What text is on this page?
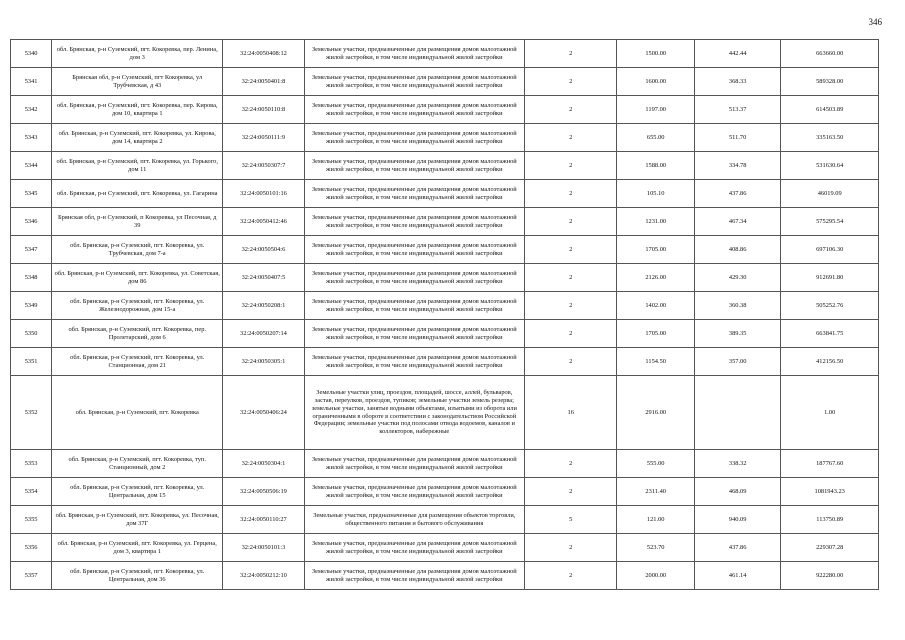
346
5340	обл. Брянская, р-н Суземский, пгт. Кокоревка, пер. Ленина, дом 3	32:24:0050408:12	Земельные участки, предназначенные для размещения домов малоэтажной жилой застройки, в том числе индивидуальной жилой застройки	2	1500.00	442.44	663660.00
5341	Брянская обл, р-н Суземский, пгт Кокоревка, ул Трубчевская, д 43	32:24:0050401:8	Земельные участки, предназначенные для размещения домов малоэтажной жилой застройки, в том числе индивидуальной жилой застройки	2	1600.00	368.33	589328.00
5342	обл. Брянская, р-н Суземский, пгт. Кокоревка, пер. Кирова, дом 10, квартира 1	32:24:0050110:8	Земельные участки, предназначенные для размещения домов малоэтажной жилой застройки, в том числе индивидуальной жилой застройки	2	1197.00	513.37	614503.89
5343	обл. Брянская, р-н Суземский, пгт. Кокоревка, ул. Кирова, дом 14, квартира 2	32:24:0050111:9	Земельные участки, предназначенные для размещения домов малоэтажной жилой застройки, в том числе индивидуальной жилой застройки	2	655.00	511.70	335163.50
5344	обл. Брянская, р-н Суземский, пгт. Кокоревка, ул. Горького, дом 11	32:24:0050307:7	Земельные участки, предназначенные для размещения домов малоэтажной жилой застройки, в том числе индивидуальной жилой застройки	2	1588.00	334.78	531630.64
5345	обл. Брянская, р-н Суземский, пгт. Кокоревка, ул. Гагарина	32:24:0050101:16	Земельные участки, предназначенные для размещения домов малоэтажной жилой застройки, в том числе индивидуальной жилой застройки	2	105.10	437.86	46019.09
5346	Брянская обл, р-н Суземский, п Кокоревка, ул Песочная, д 39	32:24:0050412:46	Земельные участки, предназначенные для размещения домов малоэтажной жилой застройки, в том числе индивидуальной жилой застройки	2	1231.00	467.34	575295.54
5347	обл. Брянская, р-н Суземский, пгт. Кокоревка, ул. Трубчевская, дом 7-а	32:24:0050504:6	Земельные участки, предназначенные для размещения домов малоэтажной жилой застройки, в том числе индивидуальной жилой застройки	2	1705.00	408.86	697106.30
5348	обл. Брянская, р-н Суземский, пгт. Кокоревка, ул. Советская, дом 86	32:24:0050407:5	Земельные участки, предназначенные для размещения домов малоэтажной жилой застройки, в том числе индивидуальной жилой застройки	2	2126.00	429.30	912691.80
5349	обл. Брянская, р-н Суземский, пгт. Кокоревка, ул. Железнодорожная, дом 15-а	32:24:0050208:1	Земельные участки, предназначенные для размещения домов малоэтажной жилой застройки, в том числе индивидуальной жилой застройки	2	1402.00	360.38	505252.76
5350	обл. Брянская, р-н Суземский, пгт. Кокоревка, пер. Пролетарский, дом 6	32:24:0050207:14	Земельные участки, предназначенные для размещения домов малоэтажной жилой застройки, в том числе индивидуальной жилой застройки	2	1705.00	389.35	663841.75
5351	обл. Брянская, р-н Суземский, пгт. Кокоревка, ул. Станционная, дом 21	32:24:0050305:1	Земельные участки, предназначенные для размещения домов малоэтажной жилой застройки, в том числе индивидуальной жилой застройки	2	1154.50	357.00	412156.50
5352	обл. Брянская, р-н Суземский, пгт. Кокоревка	32:24:0050406:24	Земельные участки улиц, проездов, площадей, шоссе, аллей, бульваров, застав, переулков, проездов, тупиков; земельные участки земель резерва; земельные участки, занятые водными объектами, изъятыми из оборота или ограниченными в обороте в соответствии с законодательством Российской Федерации; земельные участки под полосами отвода водоемов, каналов и коллекторов, набережные	16	2916.00		1.00
5353	обл. Брянская, р-н Суземский, пгт. Кокоревка, туп. Станционный, дом 2	32:24:0050304:1	Земельные участки, предназначенные для размещения домов малоэтажной жилой застройки, в том числе индивидуальной жилой застройки	2	555.00	338.32	187767.60
5354	обл. Брянская, р-н Суземский, пгт. Кокоревка, ул. Центральная, дом 15	32:24:0050506:19	Земельные участки, предназначенные для размещения домов малоэтажной жилой застройки, в том числе индивидуальной жилой застройки	2	2311.40	468.09	1081943.23
5355	обл. Брянская, р-н Суземский, пгт. Кокоревка, ул. Песочная, дом 37Г	32:24:0050110:27	Земельные участки, предназначенные для размещения объектов торговли, общественного питания и бытового обслуживания	5	121.00	940.09	113750.89
5356	обл. Брянская, р-н Суземский, пгт. Кокоревка, ул. Герцена, дом 3, квартира 1	32:24:0050101:3	Земельные участки, предназначенные для размещения домов малоэтажной жилой застройки, в том числе индивидуальной жилой застройки	2	523.70	437.86	229307.28
5357	обл. Брянская, р-н Суземский, пгт. Кокоревка, ул. Центральная, дом 36	32:24:0050212:10	Земельные участки, предназначенные для размещения домов малоэтажной жилой застройки, в том числе индивидуальной жилой застройки	2	2000.00	461.14	922280.00
